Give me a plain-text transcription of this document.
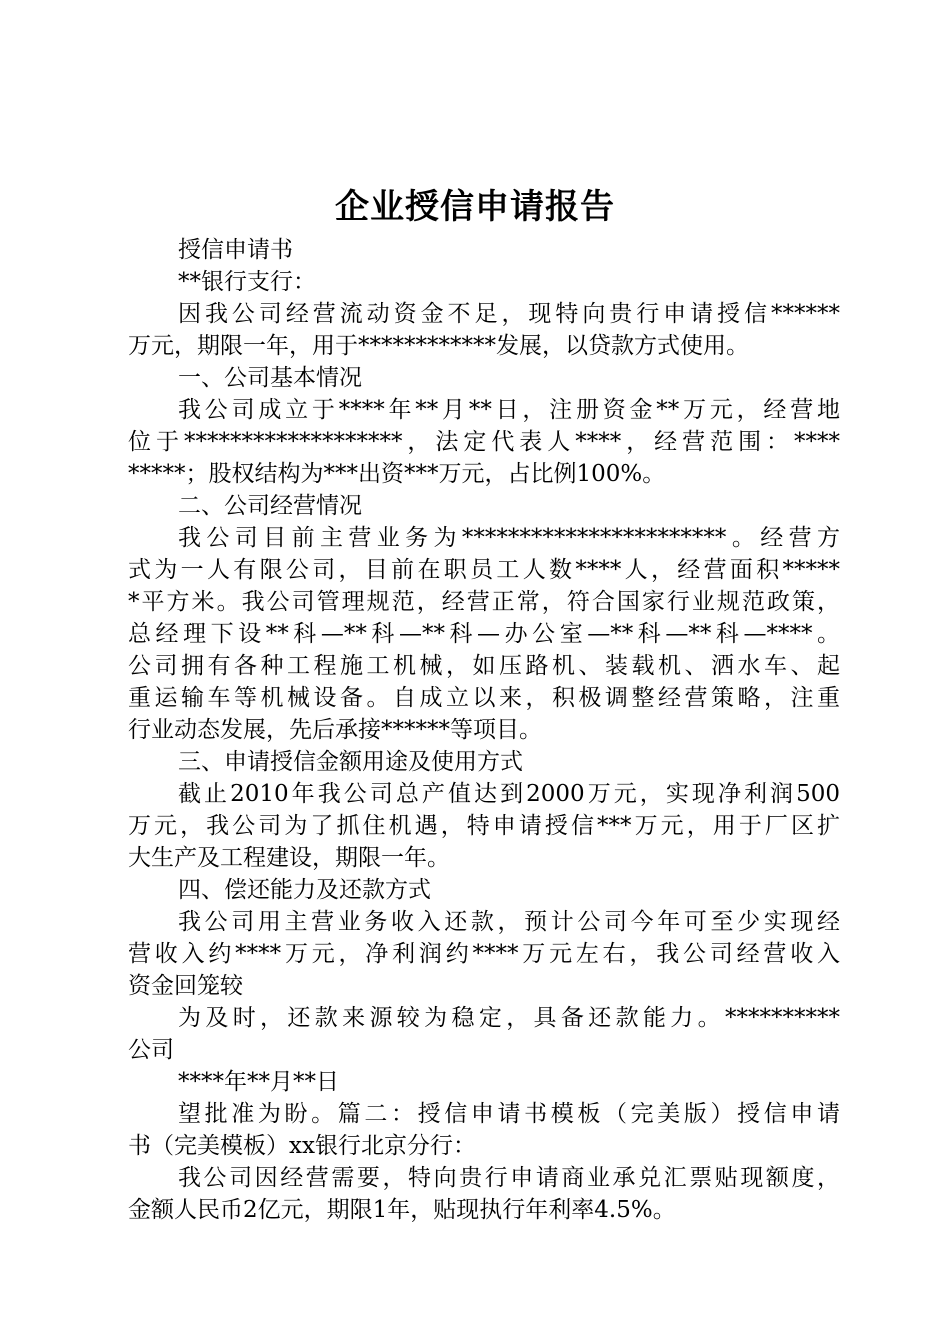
企业授信申请报告
授信申请书
**银行支行：
因我公司经营流动资金不足，现特向贵行申请授信******
万元，期限一年，用于************发展，以贷款方式使用。
一、公司基本情况
我公司成立于****年**月**日，注册资金**万元，经营地
位于*******************，法定代表人****，经营范围：****
*****；股权结构为***出资***万元，占比例100%。
二、公司经营情况
我公司目前主营业务为***********************。经营方
式为一人有限公司，目前在职员工人数****人，经营面积*****
*平方米。我公司管理规范，经营正常，符合国家行业规范政策，
总经理下设**科—**科—**科—办公室—**科—**科—****。
公司拥有各种工程施工机械，如压路机、装载机、洒水车、起
重运输车等机械设备。自成立以来，积极调整经营策略，注重
行业动态发展，先后承接******等项目。
三、申请授信金额用途及使用方式
截止2010年我公司总产值达到2000万元，实现净利润500
万元，我公司为了抓住机遇，特申请授信***万元，用于厂区扩
大生产及工程建设，期限一年。
四、偿还能力及还款方式
我公司用主营业务收入还款，预计公司今年可至少实现经
营收入约****万元，净利润约****万元左右，我公司经营收入
资金回笼较
为及时，还款来源较为稳定，具备还款能力。**********
公司
****年**月**日
望批准为盼。篇二：授信申请书模板（完美版）授信申请
书（完美模板）xx银行北京分行：
我公司因经营需要，特向贵行申请商业承兑汇票贴现额度，
金额人民币2亿元，期限1年，贴现执行年利率4.5%。
